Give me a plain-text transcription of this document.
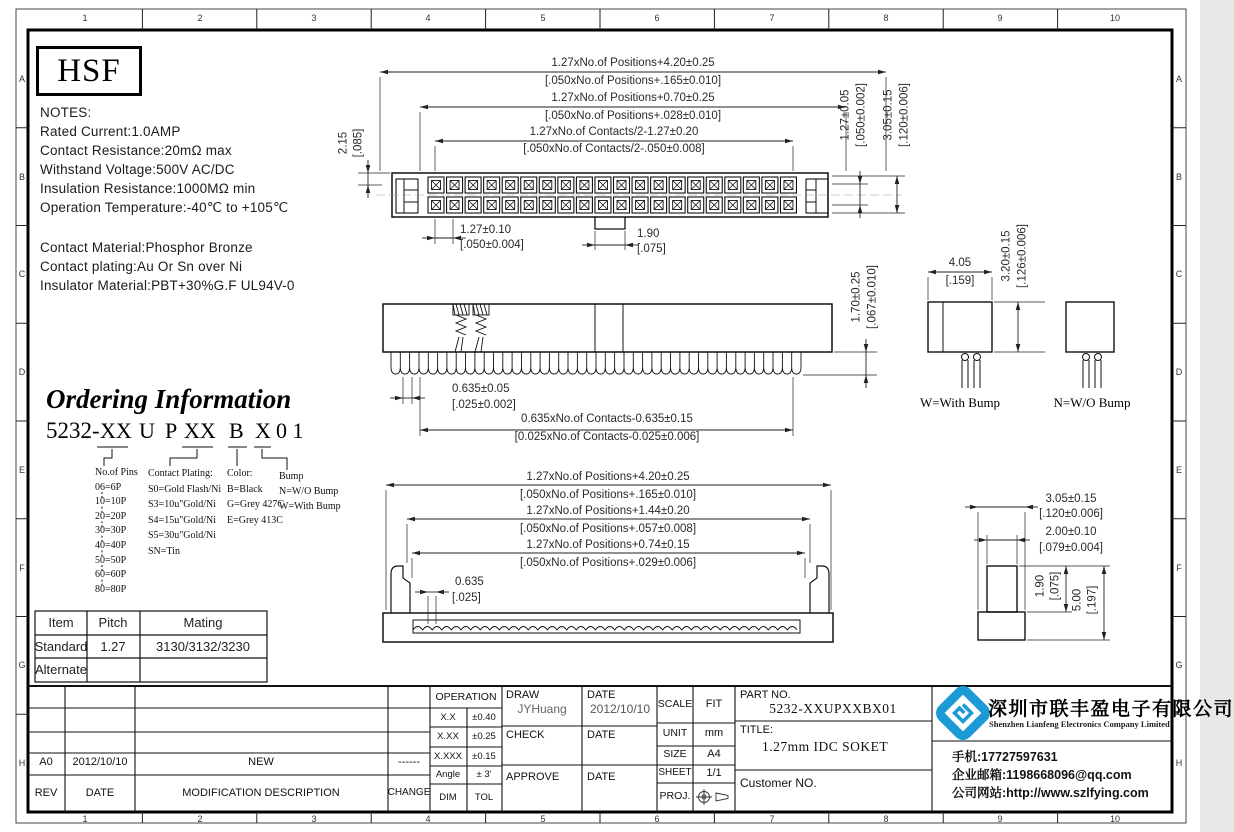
1	2	3	4	5	6	7	8	9	10
1	2	3	4	5	6	7	8	9	10
A
B
C
D
E
F
G
H
A
B
C
D
E
F
G
H
HSF
NOTES:
Rated Current:1.0AMP
Contact Resistance:20mΩ max
Withstand Voltage:500V AC/DC
Insulation Resistance:1000MΩ min
Operation Temperature:-40℃ to +105℃
Contact Material:Phosphor Bronze
Contact plating:Au Or Sn over Ni
Insulator Material:PBT+30%G.F UL94V-0
1.27xNo.of Positions+4.20±0.25
[.050xNo.of Positions+.165±0.010]
1.27xNo.of Positions+0.70±0.25
[.050xNo.of Positions+.028±0.010]
1.27xNo.of Contacts/2-1.27±0.20
[.050xNo.of Contacts/2-.050±0.008]
2.15 [.085]
1.27±0.05 [.050±0.002] 3.05±0.15 [.120±0.006]
1.27±0.10
[.050±0.004]
1.90
[.075]
1.70±0.25 [.067±0.010]
0.635±0.05
[.025±0.002]
0.635xNo.of Contacts-0.635±0.15
[0.025xNo.of Contacts-0.025±0.006]
4.05
[.159] 3.20±0.15 [.126±0.006]
W=With Bump	N=W/O Bump
1.27xNo.of Positions+4.20±0.25
[.050xNo.of Positions+.165±0.010]
1.27xNo.of Positions+1.44±0.20
[.050xNo.of Positions+.057±0.008]
1.27xNo.of Positions+0.74±0.15
[.050xNo.of Positions+.029±0.006]
0.635
[.025]
3.05±0.15
[.120±0.006]
2.00±0.10
[.079±0.004]
1.90 [.075] 5.00 [.197]
Ordering Information
5232- XX U P XX B X 0 1
No.of Pins
06=6P
10=10P
20=20P
30=30P
40=40P
50=50P
60=60P
80=80P
Contact Plating:
S0=Gold Flash/Ni
S3=10u"Gold/Ni
S4=15u"Gold/Ni
S5=30u"Gold/Ni
SN=Tin
Color:
B=Black
G=Grey 427C
E=Grey 413C
Bump
N=W/O Bump
W=With Bump
Item Pitch	Mating
Standard 1.27 3130/3132/3230
Alternate
A0 2012/10/10	NEW	------
REV	DATE	MODIFICATION DESCRIPTION	CHANGE
OPERATION
X.X ±0.40
X.XX ±0.25
X.XXX ±0.15
Angle ± 3'
DIM TOL
DRAW
JYHuang
DATE
2012/10/10
CHECK	DATE
APPROVE	DATE
SCALE FIT
UNIT mm
SIZE A4
SHEET 1/1
PROJ.
PART NO.
5232-XXUPXXBX01
TITLE:
1.27mm IDC SOKET
Customer NO.
深圳市联丰盈电子有限公司
Shenzhen Lianfeng Electronics Company Limited
手机:17727597631
企业邮箱:1198668096@qq.com
公司网站:http://www.szlfying.com
